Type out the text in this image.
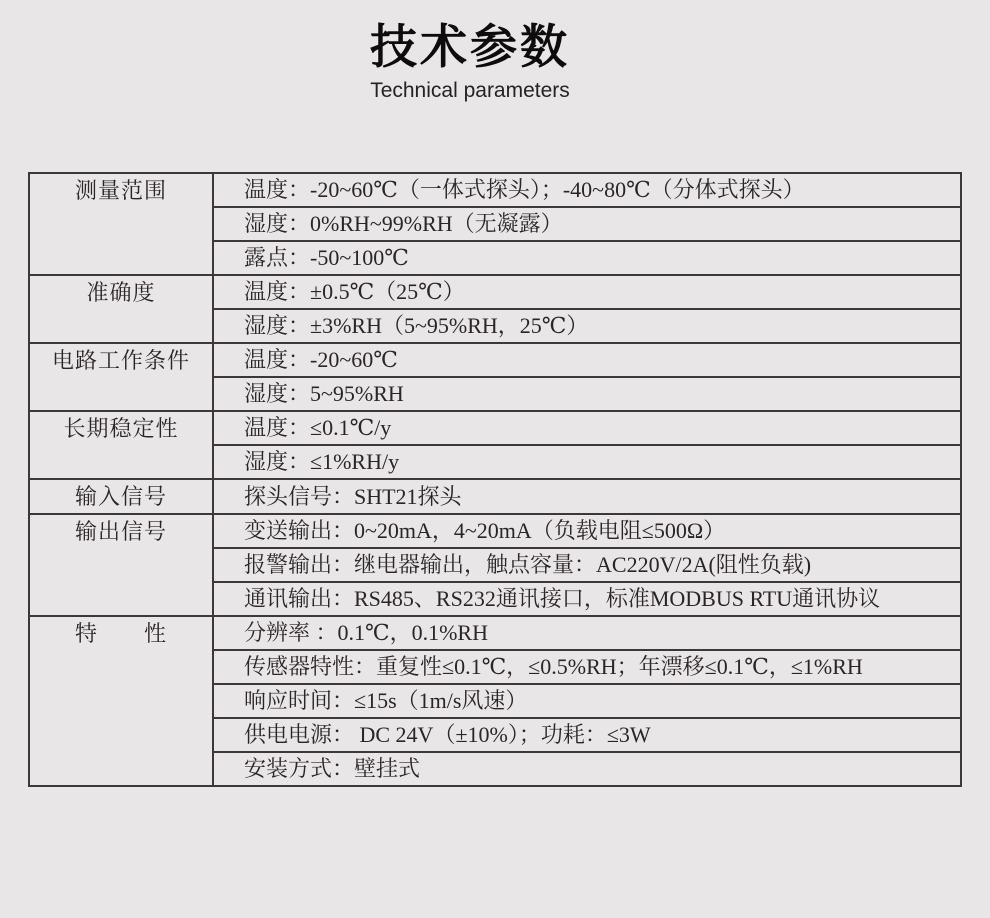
技术参数
Technical parameters
测量范围	温度：-20~60℃（一体式探头）；-40~80℃（分体式探头）
	湿度：0%RH~99%RH（无凝露）
	露点：-50~100℃
准确度	温度：±0.5℃（25℃）
	湿度：±3%RH（5~95%RH，25℃）
电路工作条件	温度：-20~60℃
	湿度：5~95%RH
长期稳定性	温度：≤0.1℃/y
	湿度：≤1%RH/y
输入信号	探头信号：SHT21探头
输出信号	变送输出：0~20mA，4~20mA（负载电阻≤500Ω）
	报警输出：继电器输出，触点容量：AC220V/2A(阻性负载)
	通讯输出：RS485、RS232通讯接口，标准MODBUS RTU通讯协议
特　　性	分辨率 ：0.1℃，0.1%RH
	传感器特性：重复性≤0.1℃，≤0.5%RH；年漂移≤0.1℃，≤1%RH
	响应时间：≤15s（1m/s风速）
	供电电源： DC 24V（±10%）；功耗：≤3W
	安装方式：壁挂式
